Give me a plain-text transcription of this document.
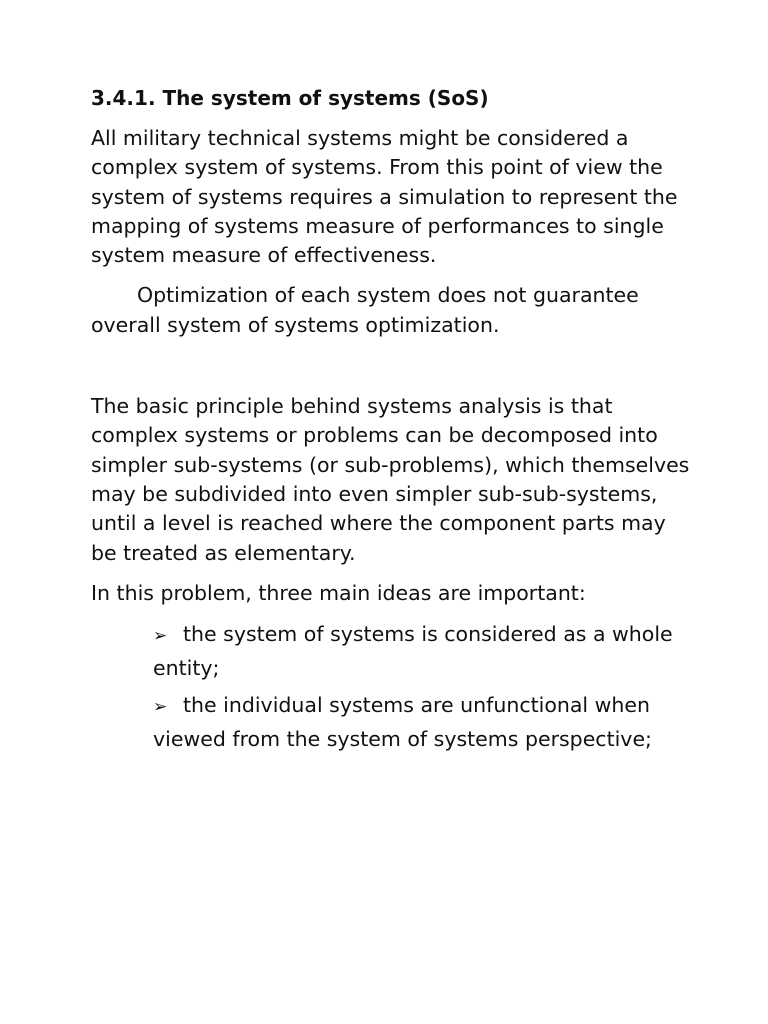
3.4.1. The system of systems (SoS)

All military technical systems might be considered a complex system of systems. From this point of view the system of systems requires a simulation to represent the mapping of systems measure of performances to single system measure of effectiveness.

Optimization of each system does not guarantee overall system of systems optimization.

The basic principle behind systems analysis is that complex systems or problems can be decomposed into simpler sub-systems (or sub-problems), which themselves may be subdivided into even simpler sub-sub-systems, until a level is reached where the component parts may be treated as elementary.

In this problem, three main ideas are important:

➢ the system of systems is considered as a whole entity;
➢ the individual systems are unfunctional when viewed from the system of systems perspective;
